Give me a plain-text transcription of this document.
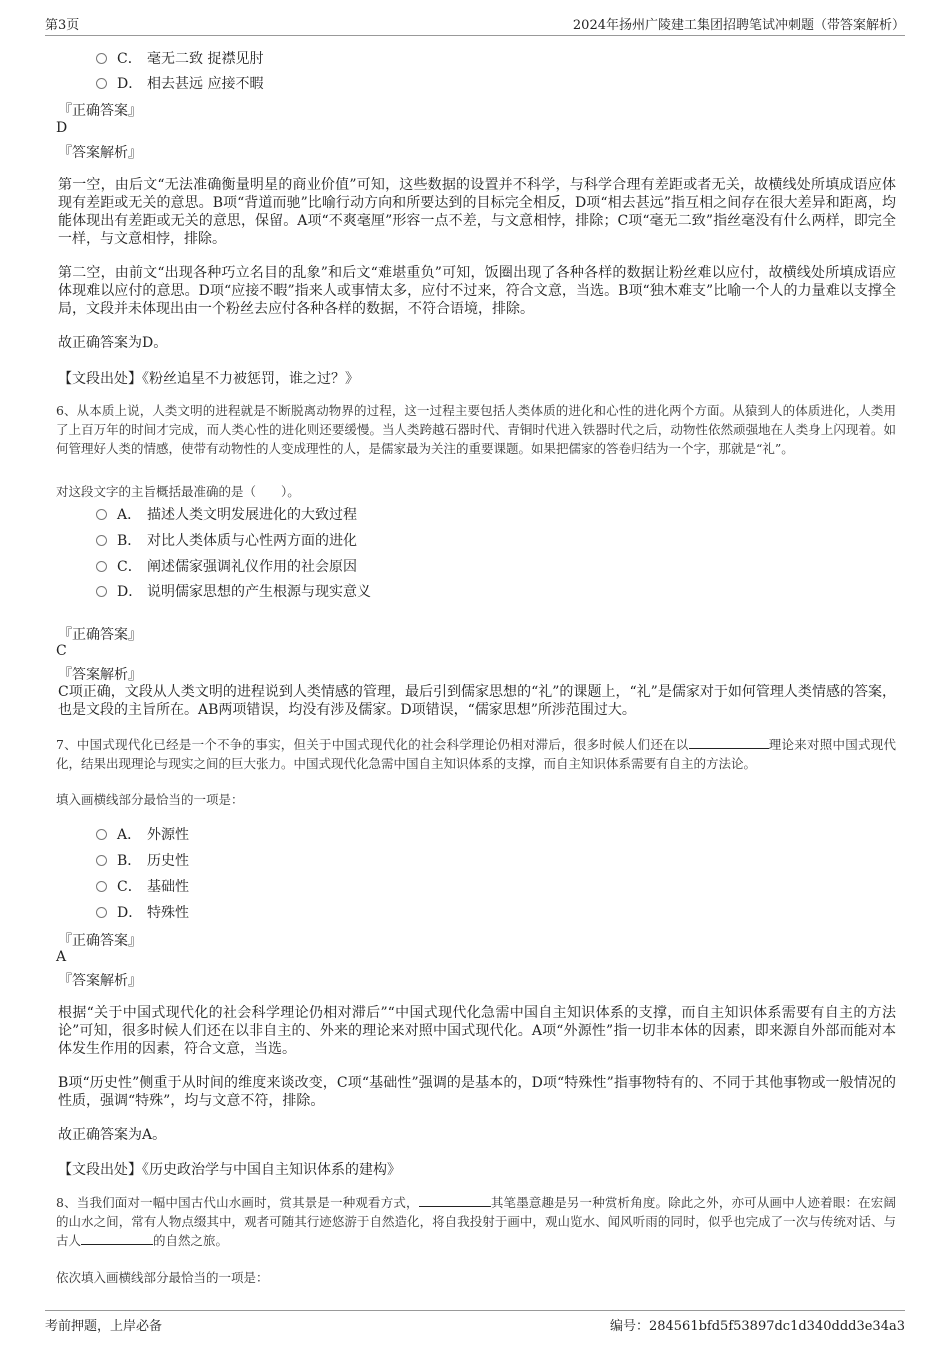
第3页	2024年扬州广陵建工集团招聘笔试冲刺题（带答案解析）
C． 毫无二致 捉襟见肘
D． 相去甚远 应接不暇
『正确答案』
D
『答案解析』
第一空，由后文“无法准确衡量明星的商业价值”可知，这些数据的设置并不科学，与科学合理有差距或者无关，故横线处所填成语应体现有差距或无关的意思。B项“背道而驰”比喻行动方向和所要达到的目标完全相反，D项“相去甚远”指互相之间存在很大差异和距离，均能体现出有差距或无关的意思，保留。A项“不爽毫厘”形容一点不差，与文意相悖，排除；C项“毫无二致”指丝毫没有什么两样，即完全一样，与文意相悖，排除。
第二空，由前文“出现各种巧立名目的乱象”和后文“难堪重负”可知，饭圈出现了各种各样的数据让粉丝难以应付，故横线处所填成语应体现难以应付的意思。D项“应接不暇”指来人或事情太多，应付不过来，符合文意，当选。B项“独木难支”比喻一个人的力量难以支撑全局，文段并未体现出由一个粉丝去应付各种各样的数据，不符合语境，排除。
故正确答案为D。
【文段出处】《粉丝追星不力被惩罚，谁之过？》
6、从本质上说，人类文明的进程就是不断脱离动物界的过程，这一过程主要包括人类体质的进化和心性的进化两个方面。从猿到人的体质进化，人类用了上百万年的时间才完成，而人类心性的进化则还要缓慢。当人类跨越石器时代、青铜时代进入铁器时代之后，动物性依然顽强地在人类身上闪现着。如何管理好人类的情感，使带有动物性的人变成理性的人，是儒家最为关注的重要课题。如果把儒家的答卷归结为一个字，那就是“礼”。
对这段文字的主旨概括最准确的是（　　）。
A． 描述人类文明发展进化的大致过程
B． 对比人类体质与心性两方面的进化
C． 阐述儒家强调礼仪作用的社会原因
D． 说明儒家思想的产生根源与现实意义
『正确答案』
C
『答案解析』
C项正确，文段从人类文明的进程说到人类情感的管理，最后引到儒家思想的“礼”的课题上，“礼”是儒家对于如何管理人类情感的答案，也是文段的主旨所在。AB两项错误，均没有涉及儒家。D项错误，“儒家思想”所涉范围过大。
7、中国式现代化已经是一个不争的事实，但关于中国式现代化的社会科学理论仍相对滞后，很多时候人们还在以	理论来对照中国式现代化，结果出现理论与现实之间的巨大张力。中国式现代化急需中国自主知识体系的支撑，而自主知识体系需要有自主的方法论。
填入画横线部分最恰当的一项是：
A． 外源性
B． 历史性
C． 基础性
D． 特殊性
『正确答案』
A
『答案解析』
根据“关于中国式现代化的社会科学理论仍相对滞后”“中国式现代化急需中国自主知识体系的支撑，而自主知识体系需要有自主的方法论”可知，很多时候人们还在以非自主的、外来的理论来对照中国式现代化。A项“外源性”指一切非本体的因素，即来源自外部而能对本体发生作用的因素，符合文意，当选。
B项“历史性”侧重于从时间的维度来谈改变，C项“基础性”强调的是基本的，D项“特殊性”指事物特有的、不同于其他事物或一般情况的性质，强调“特殊”，均与文意不符，排除。
故正确答案为A。
【文段出处】《历史政治学与中国自主知识体系的建构》
8、当我们面对一幅中国古代山水画时，赏其景是一种观看方式，	其笔墨意趣是另一种赏析角度。除此之外，亦可从画中人迹着眼：在宏阔的山水之间，常有人物点缀其中，观者可随其行迹悠游于自然造化，将自我投射于画中，观山览水、闻风听雨的同时，似乎也完成了一次与传统对话、与古人	的自然之旅。
依次填入画横线部分最恰当的一项是：
考前押题，上岸必备	编号：284561bfd5f53897dc1d340ddd3e34a3
